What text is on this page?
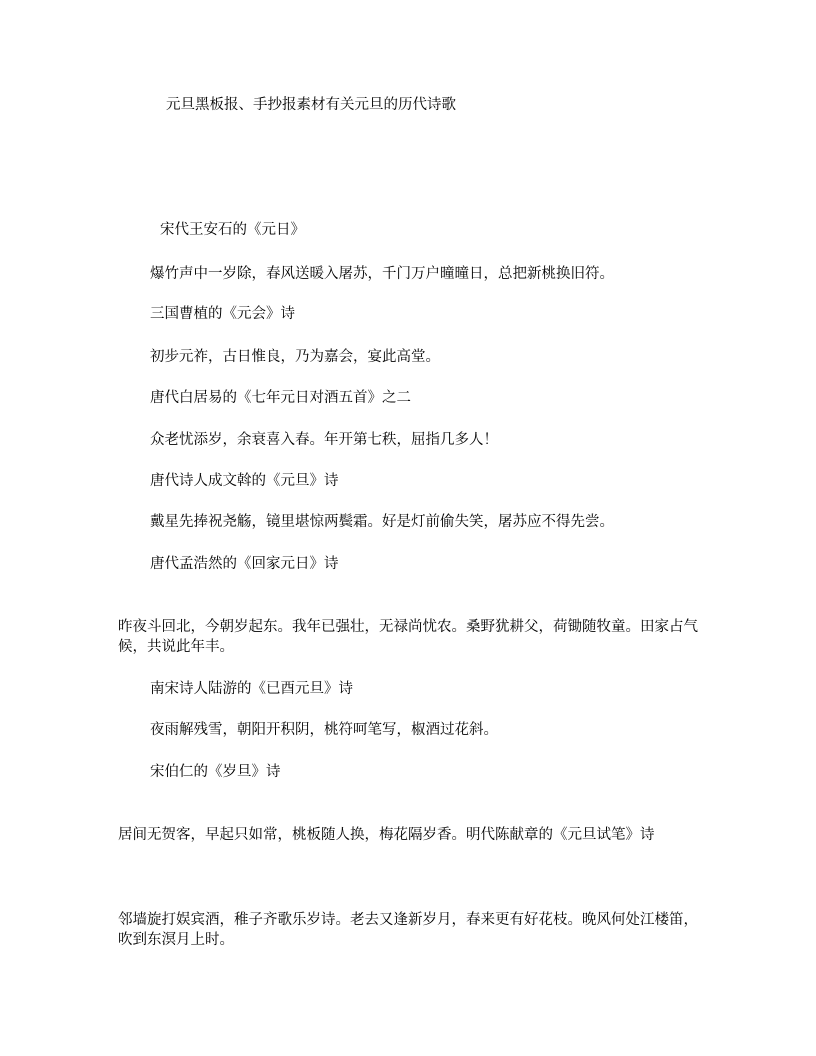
元旦黑板报、手抄报素材有关元旦的历代诗歌

宋代王安石的《元日》

爆竹声中一岁除，春风送暖入屠苏，千门万户曈曈日，总把新桃换旧符。

三国曹植的《元会》诗

初步元祚，古日惟良，乃为嘉会，宴此高堂。

唐代白居易的《七年元日对酒五首》之二

众老忧添岁，余衰喜入春。年开第七秩，屈指几多人！

唐代诗人成文斡的《元旦》诗

戴星先捧祝尧觞，镜里堪惊两鬓霜。好是灯前偷失笑，屠苏应不得先尝。

唐代孟浩然的《回家元日》诗

昨夜斗回北，今朝岁起东。我年已强壮，无禄尚忧农。桑野犹耕父，荷锄随牧童。田家占气候，共说此年丰。

南宋诗人陆游的《已酉元旦》诗

夜雨解残雪，朝阳开积阴，桃符呵笔写，椒酒过花斜。

宋伯仁的《岁旦》诗

居间无贺客，早起只如常，桃板随人换，梅花隔岁香。明代陈献章的《元旦试笔》诗

邻墙旋打娱宾酒，稚子齐歌乐岁诗。老去又逢新岁月，春来更有好花枝。晚风何处江楼笛，吹到东溟月上时。
